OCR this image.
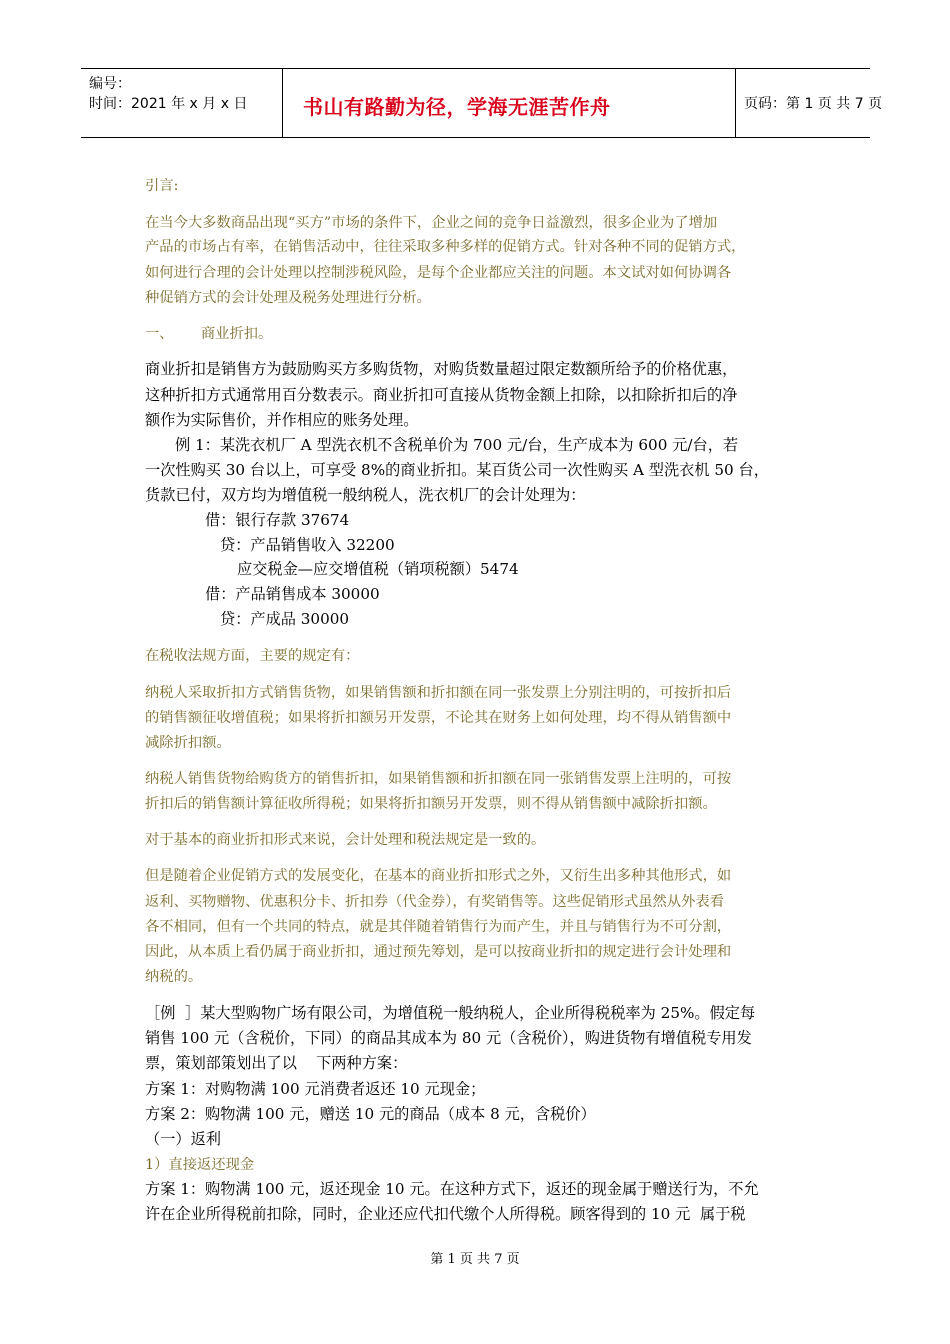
编号：
时间：2021 年 x 月 x 日	书山有路勤为径，学海无涯苦作舟	页码：第 1 页 共 7 页
引言:
在当今大多数商品出现“买方”市场的条件下，企业之间的竞争日益激烈，很多企业为了增加
产品的市场占有率，在销售活动中，往往采取多种多样的促销方式。针对各种不同的促销方式，
如何进行合理的会计处理以控制涉税风险，是每个企业都应关注的问题。本文试对如何协调各
种促销方式的会计处理及税务处理进行分析。
一、      商业折扣。
商业折扣是销售方为鼓励购买方多购货物，对购货数量超过限定数额所给予的价格优惠，
这种折扣方式通常用百分数表示。商业折扣可直接从货物金额上扣除，以扣除折扣后的净
额作为实际售价，并作相应的账务处理。
例 1：某洗衣机厂 A 型洗衣机不含税单价为 700 元/台，生产成本为 600 元/台，若
一次性购买 30 台以上，可享受 8%的商业折扣。某百货公司一次性购买 A 型洗衣机 50 台，
货款已付，双方均为增值税一般纳税人，洗衣机厂的会计处理为：
借：银行存款 37674
贷：产品销售收入 32200
应交税金—应交增值税（销项税额）5474
借：产品销售成本 30000
贷：产成品 30000
在税收法规方面，主要的规定有：
纳税人采取折扣方式销售货物，如果销售额和折扣额在同一张发票上分别注明的，可按折扣后
的销售额征收增值税；如果将折扣额另开发票，不论其在财务上如何处理，均不得从销售额中
减除折扣额。
纳税人销售货物给购货方的销售折扣，如果销售额和折扣额在同一张销售发票上注明的，可按
折扣后的销售额计算征收所得税；如果将折扣额另开发票，则不得从销售额中减除折扣额。
对于基本的商业折扣形式来说，会计处理和税法规定是一致的。
但是随着企业促销方式的发展变化，在基本的商业折扣形式之外，又衍生出多种其他形式，如
返利、买物赠物、优惠积分卡、折扣券（代金券），有奖销售等。这些促销形式虽然从外表看
各不相同，但有一个共同的特点，就是其伴随着销售行为而产生，并且与销售行为不可分割，
因此，从本质上看仍属于商业折扣，通过预先筹划，是可以按商业折扣的规定进行会计处理和
纳税的。
［例  ］某大型购物广场有限公司，为增值税一般纳税人，企业所得税税率为 25%。假定每
销售 100 元（含税价，下同）的商品其成本为 80 元（含税价），购进货物有增值税专用发
票，策划部策划出了以    下两种方案：
方案 1：对购物满 100 元消费者返还 10 元现金；
方案 2：购物满 100 元，赠送 10 元的商品（成本 8 元，含税价）
（一）返利
1）直接返还现金
方案 1：购物满 100 元，返还现金 10 元。在这种方式下，返还的现金属于赠送行为，不允
许在企业所得税前扣除，同时，企业还应代扣代缴个人所得税。顾客得到的 10 元  属于税
第 1 页 共 7 页
